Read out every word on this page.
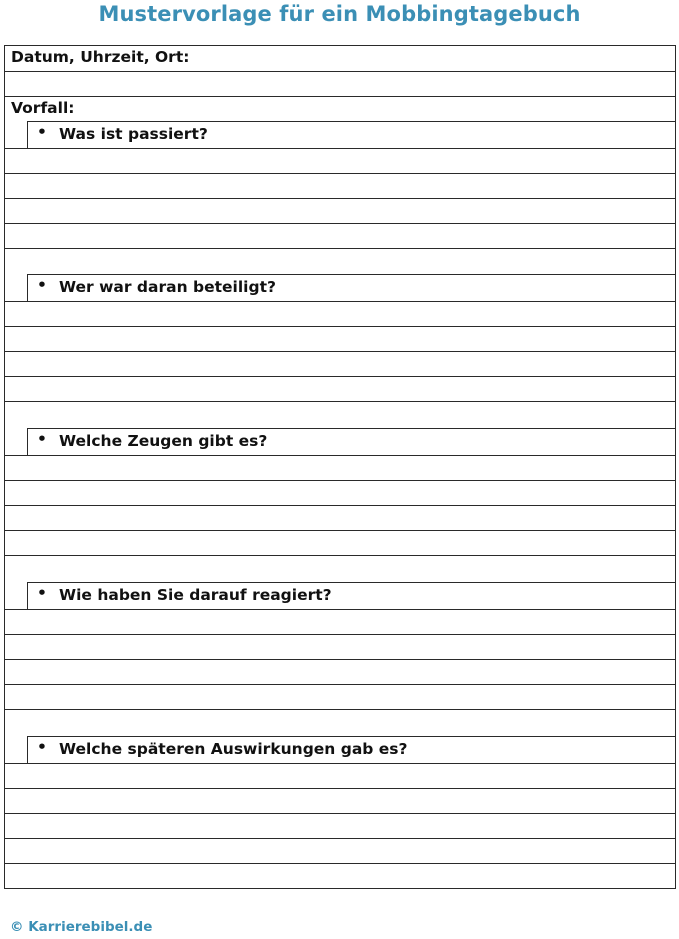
Mustervorlage für ein Mobbingtagebuch
Datum, Uhrzeit, Ort:
Vorfall:
• Was ist passiert?
• Wer war daran beteiligt?
• Welche Zeugen gibt es?
• Wie haben Sie darauf reagiert?
• Welche späteren Auswirkungen gab es?
© Karrierebibel.de
